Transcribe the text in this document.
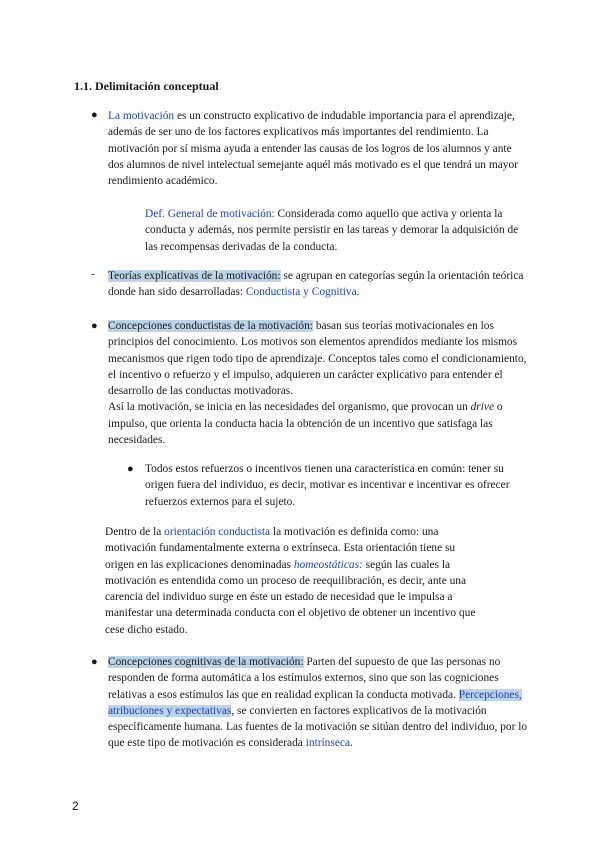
1.1. Delimitación conceptual
● La motivación es un constructo explicativo de indudable importancia para el aprendizaje, además de ser uno de los factores explicativos más importantes del rendimiento. La motivación por sí misma ayuda a entender las causas de los logros de los alumnos y ante dos alumnos de nivel intelectual semejante aquél más motivado es el que tendrá un mayor rendimiento académico.
Def. General de motivación: Considerada como aquello que activa y orienta la conducta y además, nos permite persistir en las tareas y demorar la adquisición de las recompensas derivadas de la conducta.
- Teorías explicativas de la motivación: se agrupan en categorías según la orientación teórica donde han sido desarrolladas: Conductista y Cognitiva.
● Concepciones conductistas de la motivación: basan sus teorías motivacionales en los principios del conocimiento. Los motivos son elementos aprendidos mediante los mismos mecanismos que rigen todo tipo de aprendizaje. Conceptos tales como el condicionamiento, el incentivo o refuerzo y el impulso, adquieren un carácter explicativo para entender el desarrollo de las conductas motivadoras.
Así la motivación, se inicia en las necesidades del organismo, que provocan un drive o impulso, que orienta la conducta hacia la obtención de un incentivo que satisfaga las necesidades.
● Todos estos refuerzos o incentivos tienen una característica en común: tener su origen fuera del individuo, es decir, motivar es incentivar e incentivar es ofrecer refuerzos externos para el sujeto.
Dentro de la orientación conductista la motivación es definida como: una motivación fundamentalmente externa o extrínseca. Esta orientación tiene su origen en las explicaciones denominadas homeostáticas: según las cuales la motivación es entendida como un proceso de reequilibración, es decir, ante una carencia del individuo surge en éste un estado de necesidad que le impulsa a manifestar una determinada conducta con el objetivo de obtener un incentivo que cese dicho estado.
● Concepciones cognitivas de la motivación: Parten del supuesto de que las personas no responden de forma automática a los estímulos externos, sino que son las cogniciones relativas a esos estímulos las que en realidad explican la conducta motivada. Percepciones, atribuciones y expectativas, se convierten en factores explicativos de la motivación específicamente humana. Las fuentes de la motivación se sitúan dentro del individuo, por lo que este tipo de motivación es considerada intrínseca.
2
